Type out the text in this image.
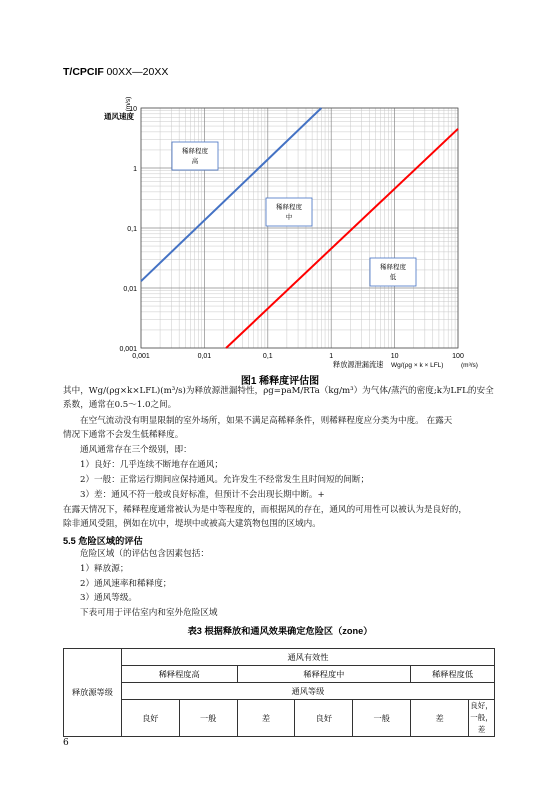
T/CPCIF 00XX—20XX
0,001	0,01	0,1	1	10	100
0,001
0,01
0,1
1
10
(m/s)
通风速度
释放源泄漏流速 Wg/(ρg × k × LFL)	(m³/s)
稀释程度
高
稀释程度
中
稀释程度
低
图1 稀释度评估图
其中，Wg/(ρg×k×LFL)(m³/s)为释放源泄漏特性，ρg=paM/RTa（kg/m³）为气体/蒸汽的密度;k为LFL的安全
系数，通常在0.5～1.0之间。
在空气流动没有明显限制的室外场所，如果不满足高稀释条件，则稀释程度应分类为中度。 在露天
情况下通常不会发生低稀释度。
通风通常存在三个级别，即：
1）良好：几乎连续不断地存在通风；
2）一般：正常运行期间应保持通风。允许发生不经常发生且时间短的间断；
3）差：通风不符一般或良好标准，但预计不会出现长期中断。+
在露天情况下，稀释程度通常被认为是中等程度的，而根据风的存在，通风的可用性可以被认为是良好的，
除非通风受阻，例如在坑中，堤坝中或被高大建筑物包围的区域内。
5.5 危险区域的评估
危险区域（的评估包含因素包括：
1）释放源；
2）通风速率和稀释度；
3）通风等级。
下表可用于评估室内和室外危险区域
表3 根据释放和通风效果确定危险区（zone）
释放源等级	通风有效性						
	稀释程度高		稀释程度中			稀释程度低	
	通风等级						
	良好	一般	差	良好	一般	差	良好，一般，差
6
